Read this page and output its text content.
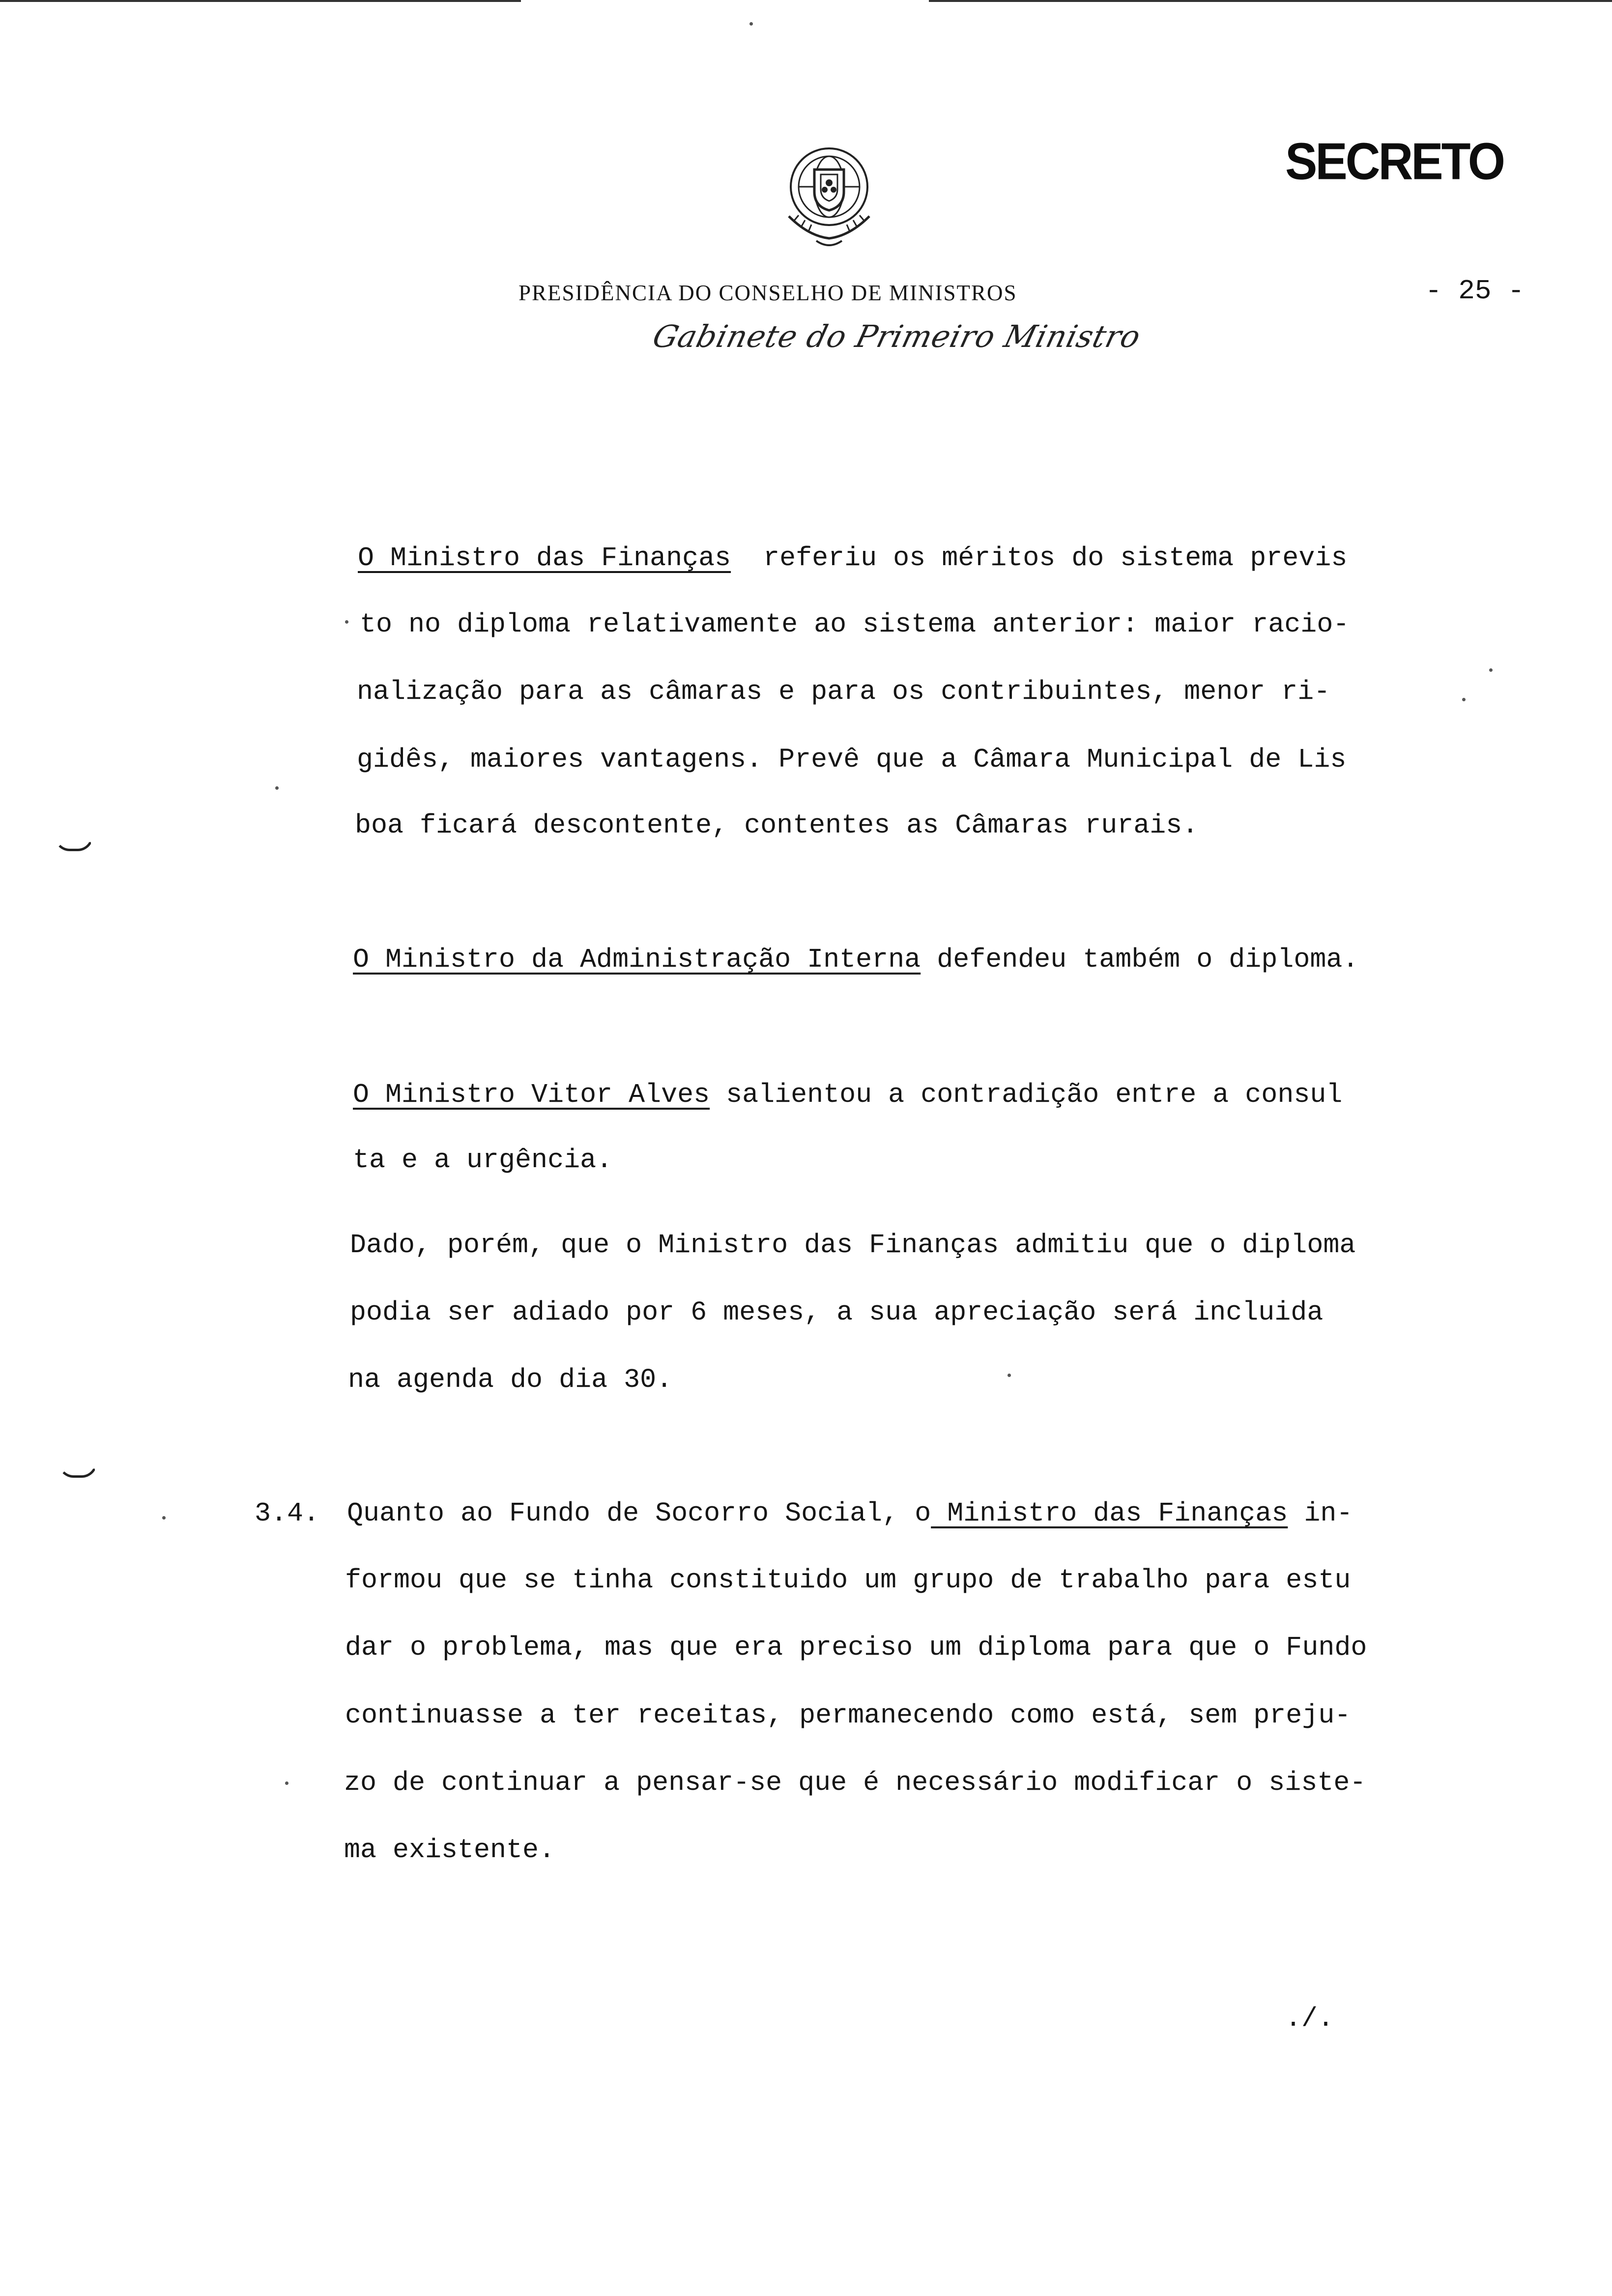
SECRETO
- 25 -
PRESIDÊNCIA DO CONSELHO DE MINISTROS
Gabinete do Primeiro Ministro
O Ministro das Finanças  referiu os méritos do sistema previs
to no diploma relativamente ao sistema anterior: maior racio-
nalização para as câmaras e para os contribuintes, menor ri-
gidês, maiores vantagens. Prevê que a Câmara Municipal de Lis
boa ficará descontente, contentes as Câmaras rurais.
O Ministro da Administração Interna defendeu também o diploma.
O Ministro Vitor Alves salientou a contradição entre a consul
ta e a urgência.
Dado, porém, que o Ministro das Finanças admitiu que o diploma
podia ser adiado por 6 meses, a sua apreciação será incluida
na agenda do dia 30.
3.4. Quanto ao Fundo de Socorro Social, o Ministro das Finanças in-
formou que se tinha constituido um grupo de trabalho para estu
dar o problema, mas que era preciso um diploma para que o Fundo
continuasse a ter receitas, permanecendo como está, sem preju-
zo de continuar a pensar-se que é necessário modificar o siste-
ma existente.
./.
